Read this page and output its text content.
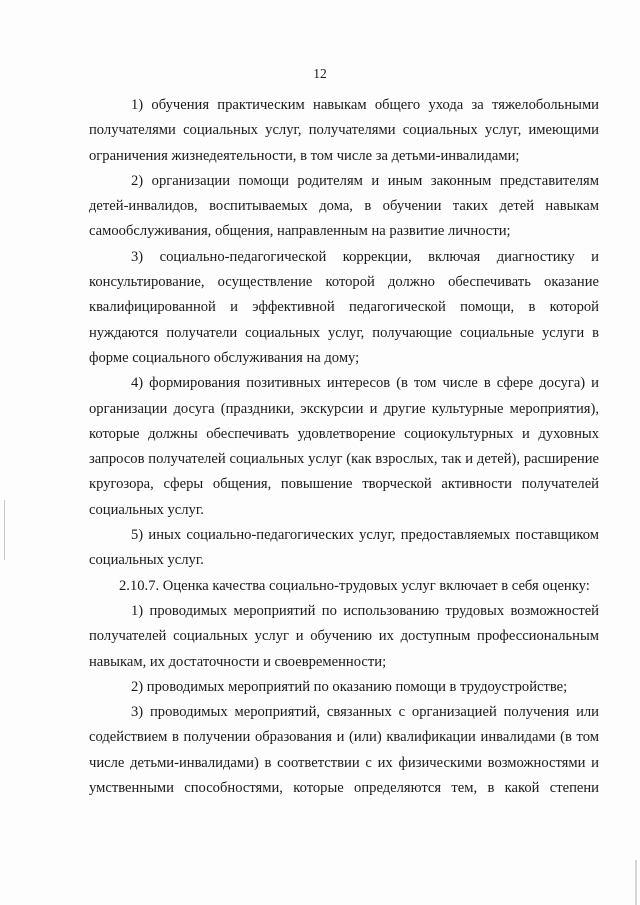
12

1) обучения практическим навыкам общего ухода за тяжелобольными получателями социальных услуг, получателями социальных услуг, имеющими ограничения жизнедеятельности, в том числе за детьми-инвалидами;

2) организации помощи родителям и иным законным представителям детей-инвалидов, воспитываемых дома, в обучении таких детей навыкам самообслуживания, общения, направленным на развитие личности;

3) социально-педагогической коррекции, включая диагностику и консультирование, осуществление которой должно обеспечивать оказание квалифицированной и эффективной педагогической помощи, в которой нуждаются получатели социальных услуг, получающие социальные услуги в форме социального обслуживания на дому;

4) формирования позитивных интересов (в том числе в сфере досуга) и организации досуга (праздники, экскурсии и другие культурные мероприятия), которые должны обеспечивать удовлетворение социокультурных и духовных запросов получателей социальных услуг (как взрослых, так и детей), расширение кругозора, сферы общения, повышение творческой активности получателей социальных услуг.

5) иных социально-педагогических услуг, предоставляемых поставщиком социальных услуг.

2.10.7. Оценка качества социально-трудовых услуг включает в себя оценку:

1) проводимых мероприятий по использованию трудовых возможностей получателей социальных услуг и обучению их доступным профессиональным навыкам, их достаточности и своевременности;

2) проводимых мероприятий по оказанию помощи в трудоустройстве;

3) проводимых мероприятий, связанных с организацией получения или содействием в получении образования и (или) квалификации инвалидами (в том числе детьми-инвалидами) в соответствии с их физическими возможностями и умственными способностями, которые определяются тем, в какой степени
